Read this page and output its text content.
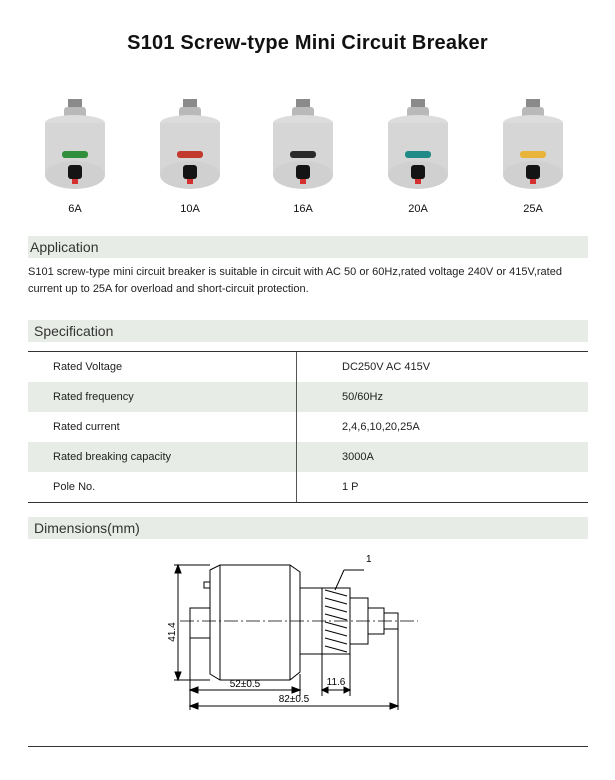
S101 Screw-type Mini Circuit Breaker
6A	10A	16A	20A	25A
Application
S101 screw-type mini circuit breaker is suitable in circuit with AC 50 or 60Hz,rated voltage 240V or 415V,rated current up to 25A for overload and short-circuit protection.
Specification
Rated Voltage	DC250V AC 415V
Rated frequency	50/60Hz
Rated current	2,4,6,10,20,25A
Rated breaking capacity	3000A
Pole No.	1 P
Dimensions(mm)
1
41.4
52±0.5	11.6
82±0.5
